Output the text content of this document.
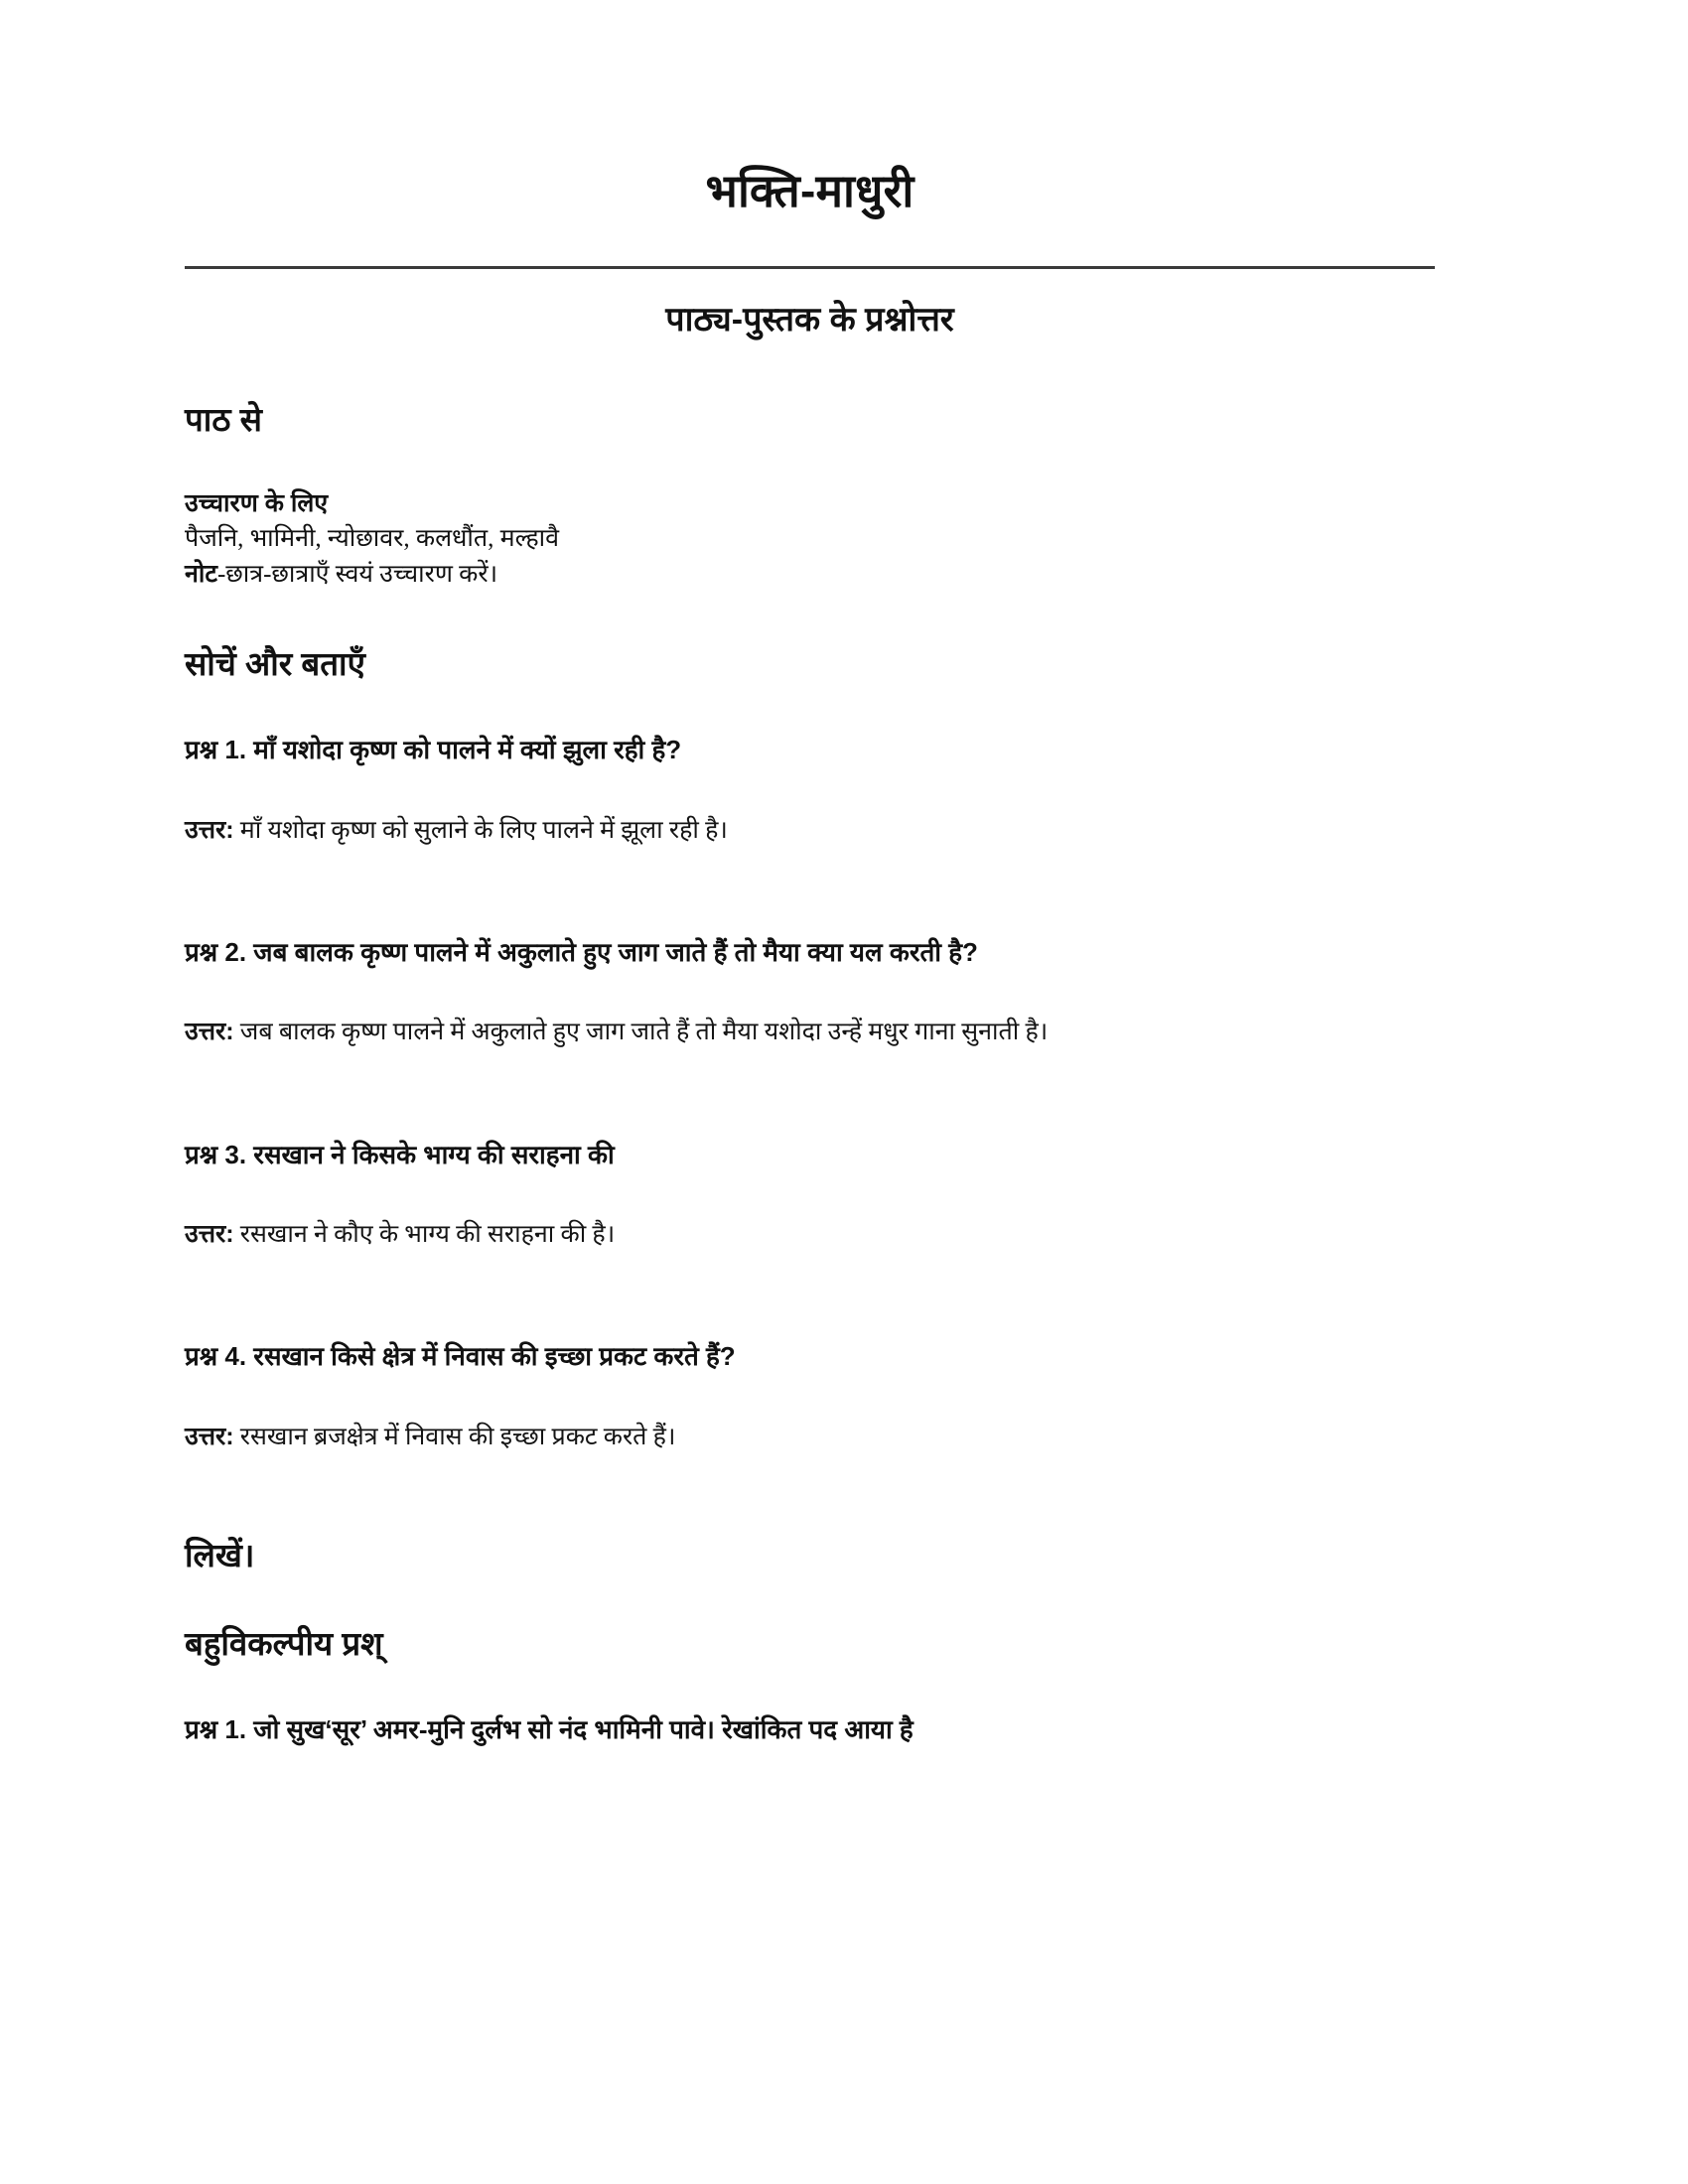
भक्ति-माधुरी
पाठ्य-पुस्तक के प्रश्नोत्तर
पाठ से

उच्चारण के लिए

पैजनि, भामिनी, न्योछावर, कलधौंत, मल्हावै

नोट-छात्र-छात्राएँ स्वयं उच्चारण करें।

सोचें और बताएँ

प्रश्न 1. माँ यशोदा कृष्ण को पालने में क्यों झुला रही है?

उत्तर: माँ यशोदा कृष्ण को सुलाने के लिए पालने में झूला रही है।

प्रश्न 2. जब बालक कृष्ण पालने में अकुलाते हुए जाग जाते हैं तो मैया क्या यल करती है?

उत्तर: जब बालक कृष्ण पालने में अकुलाते हुए जाग जाते हैं तो मैया यशोदा उन्हें मधुर गाना सुनाती है।

प्रश्न 3. रसखान ने किसके भाग्य की सराहना की

उत्तर: रसखान ने कौए के भाग्य की सराहना की है।

प्रश्न 4. रसखान किसे क्षेत्र में निवास की इच्छा प्रकट करते हैं?

उत्तर: रसखान ब्रजक्षेत्र में निवास की इच्छा प्रकट करते हैं।

लिखें।
बहुविकल्पीय प्रश्

प्रश्न 1. जो सुख‘सूर’ अमर-मुनि दुर्लभ सो नंद भामिनी पावे। रेखांकित पद आया है
